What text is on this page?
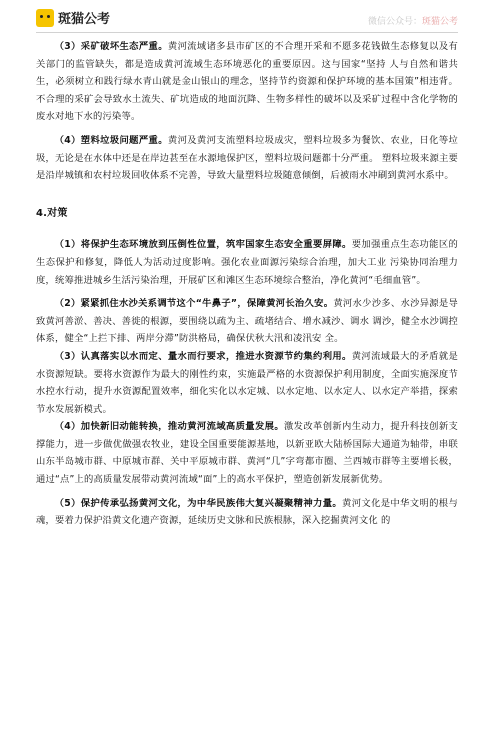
斑猫公考	微信公众号：斑猫公考

（3）采矿破坏生态严重。黄河流域诸多县市矿区的不合理开采和不愿多花钱做生态修复以及有关部门的监管缺失，都是造成黄河流域生态环境恶化的重要原因。这与国家“坚持 人与自然和谐共生，必须树立和践行绿水青山就是金山银山的理念，坚持节约资源和保护环境的基本国策”相违背。不合理的采矿会导致水土流失、矿坑造成的地面沉降、生物多样性的破坏以及采矿过程中含化学物的废水对地下水的污染等。

（4）塑料垃圾问题严重。黄河及黄河支流塑料垃圾成灾，塑料垃圾多为餐饮、农业，日化等垃圾，无论是在水体中还是在岸边甚至在水源地保护区，塑料垃圾问题都十分严重。 塑料垃圾来源主要是沿岸城镇和农村垃圾回收体系不完善，导致大量塑料垃圾随意倾倒，后被雨水冲刷到黄河水系中。

4.对策

（1）将保护生态环境放到压倒性位置，筑牢国家生态安全重要屏障。要加强重点生态功能区的生态保护和修复，降低人为活动过度影响。强化农业面源污染综合治理，加大工业 污染协同治理力度，统筹推进城乡生活污染治理，开展矿区和滩区生态环境综合整治，净化黄河“毛细血管”。

（2）紧紧抓住水沙关系调节这个“牛鼻子”，保障黄河长治久安。黄河水少沙多、水沙异源是导致黄河善淤、善决、善徙的根源，要围绕以疏为主、疏堵结合、增水减沙、调水 调沙，健全水沙调控体系，健全“上拦下排、两岸分滞”防洪格局，确保伏秋大汛和凌汛安 全。

（3）认真落实以水而定、量水而行要求，推进水资源节约集约利用。黄河流域最大的矛盾就是水资源短缺。要将水资源作为最大的刚性约束，实施最严格的水资源保护利用制度，全面实施深度节水控水行动，提升水资源配置效率，细化实化以水定城、以水定地、以水定人、以水定产举措，探索节水发展新模式。

（4）加快新旧动能转换，推动黄河流域高质量发展。激发改革创新内生动力，提升科技创新支撑能力，进一步做优做强农牧业，建设全国重要能源基地，以新亚欧大陆桥国际大通道为轴带，串联山东半岛城市群、中原城市群、关中平原城市群、黄河“几”字弯都市圈、兰西城市群等主要增长极，通过“点”上的高质量发展带动黄河流域“面”上的高水平保护，塑造创新发展新优势。

（5）保护传承弘扬黄河文化，为中华民族伟大复兴凝聚精神力量。黄河文化是中华文明的根与魂，要着力保护沿黄文化遗产资源，延续历史文脉和民族根脉，深入挖掘黄河文化 的
